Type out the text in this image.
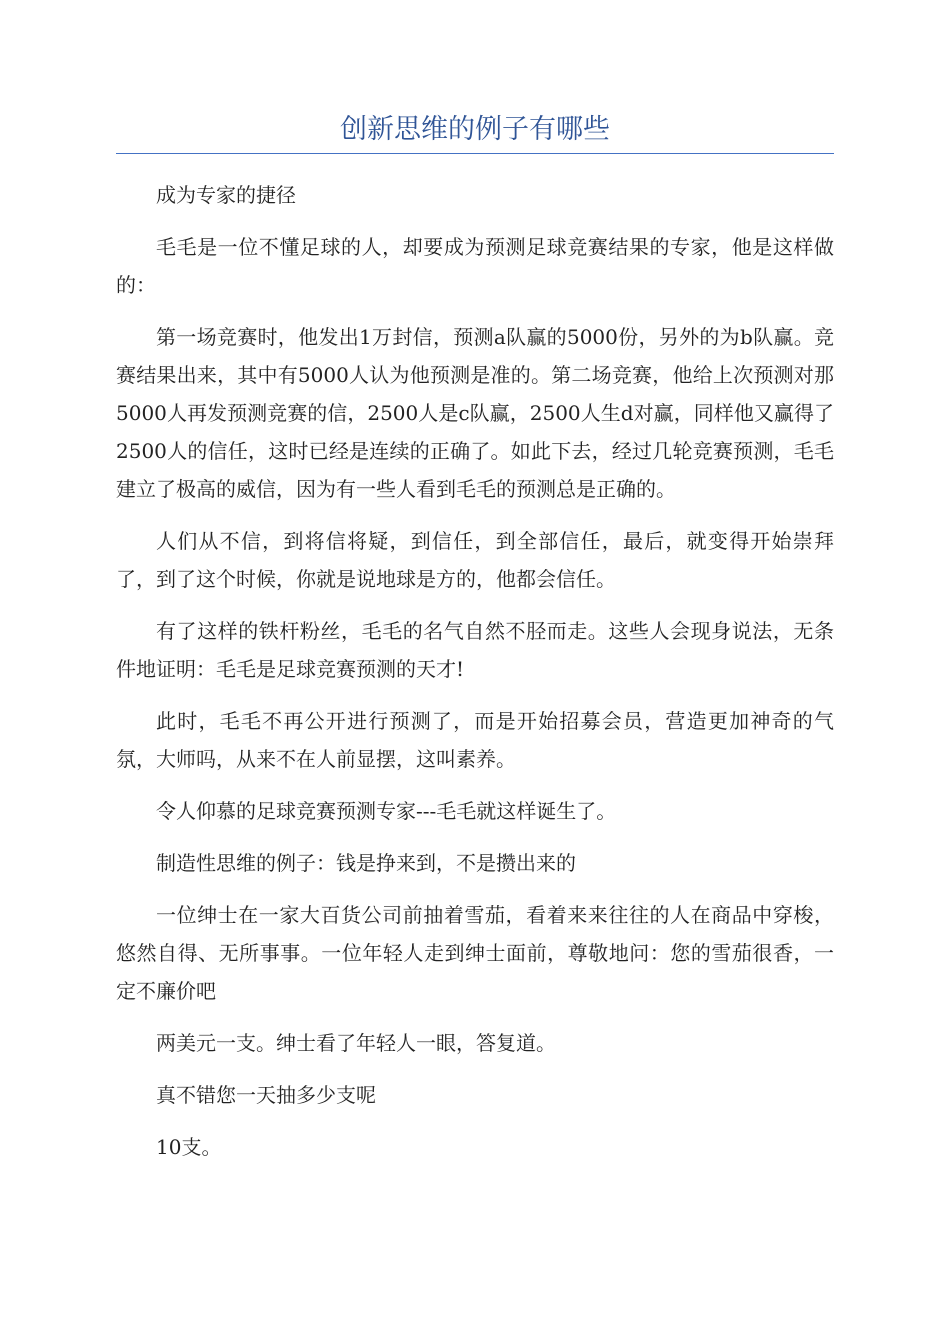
创新思维的例子有哪些

成为专家的捷径

毛毛是一位不懂足球的人，却要成为预测足球竞赛结果的专家，他是这样做的：

第一场竞赛时，他发出1万封信，预测a队赢的5000份，另外的为b队赢。竞赛结果出来，其中有5000人认为他预测是准的。第二场竞赛，他给上次预测对那5000人再发预测竞赛的信，2500人是c队赢，2500人生d对赢，同样他又赢得了2500人的信任，这时已经是连续的正确了。如此下去，经过几轮竞赛预测，毛毛建立了极高的威信，因为有一些人看到毛毛的预测总是正确的。

人们从不信，到将信将疑，到信任，到全部信任，最后，就变得开始崇拜了，到了这个时候，你就是说地球是方的，他都会信任。

有了这样的铁杆粉丝，毛毛的名气自然不胫而走。这些人会现身说法，无条件地证明：毛毛是足球竞赛预测的天才!

此时，毛毛不再公开进行预测了，而是开始招募会员，营造更加神奇的气氛，大师吗，从来不在人前显摆，这叫素养。

令人仰慕的足球竞赛预测专家---毛毛就这样诞生了。

制造性思维的例子：钱是挣来到，不是攒出来的

一位绅士在一家大百货公司前抽着雪茄，看着来来往往的人在商品中穿梭，悠然自得、无所事事。一位年轻人走到绅士面前，尊敬地问：您的雪茄很香，一定不廉价吧

两美元一支。绅士看了年轻人一眼，答复道。

真不错您一天抽多少支呢

10支。
